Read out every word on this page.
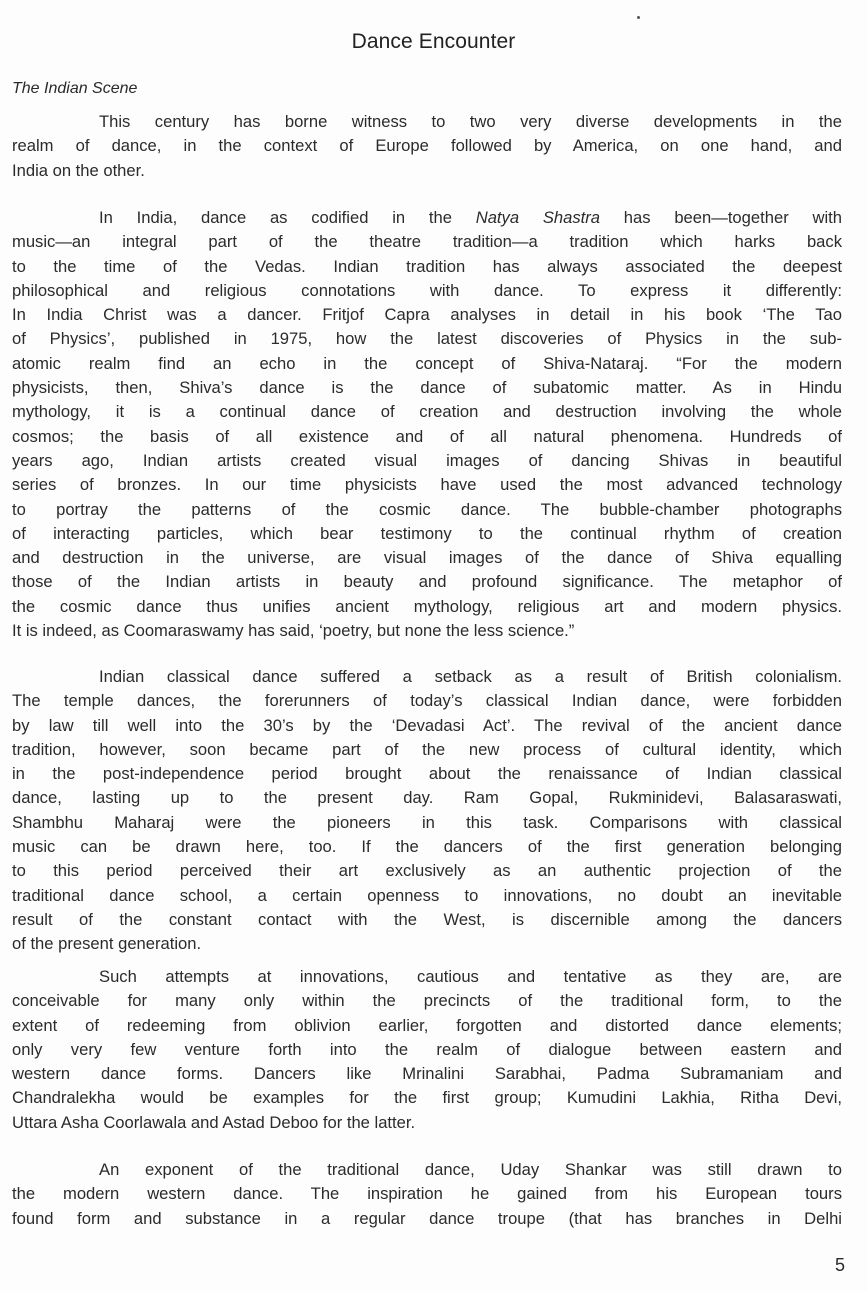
Dance Encounter
The Indian Scene
This century has borne witness to two very diverse developments in the
realm of dance, in the context of Europe followed by America, on one hand, and
India on the other.
In India, dance as codified in the Natya Shastra has been—together with
music—an integral part of the theatre tradition—a tradition which harks back
to the time of the Vedas. Indian tradition has always associated the deepest
philosophical and religious connotations with dance. To express it differently:
In India Christ was a dancer. Fritjof Capra analyses in detail in his book ‘The Tao
of Physics’, published in 1975, how the latest discoveries of Physics in the sub-
atomic realm find an echo in the concept of Shiva-Nataraj. “For the modern
physicists, then, Shiva’s dance is the dance of subatomic matter. As in Hindu
mythology, it is a continual dance of creation and destruction involving the whole
cosmos; the basis of all existence and of all natural phenomena. Hundreds of
years ago, Indian artists created visual images of dancing Shivas in beautiful
series of bronzes. In our time physicists have used the most advanced technology
to portray the patterns of the cosmic dance. The bubble-chamber photographs
of interacting particles, which bear testimony to the continual rhythm of creation
and destruction in the universe, are visual images of the dance of Shiva equalling
those of the Indian artists in beauty and profound significance. The metaphor of
the cosmic dance thus unifies ancient mythology, religious art and modern physics.
It is indeed, as Coomaraswamy has said, ‘poetry, but none the less science.”
Indian classical dance suffered a setback as a result of British colonialism.
The temple dances, the forerunners of today’s classical Indian dance, were forbidden
by law till well into the 30’s by the ‘Devadasi Act’. The revival of the ancient dance
tradition, however, soon became part of the new process of cultural identity, which
in the post-independence period brought about the renaissance of Indian classical
dance, lasting up to the present day. Ram Gopal, Rukminidevi, Balasaraswati,
Shambhu Maharaj were the pioneers in this task. Comparisons with classical
music can be drawn here, too. If the dancers of the first generation belonging
to this period perceived their art exclusively as an authentic projection of the
traditional dance school, a certain openness to innovations, no doubt an inevitable
result of the constant contact with the West, is discernible among the dancers
of the present generation.
Such attempts at innovations, cautious and tentative as they are, are
conceivable for many only within the precincts of the traditional form, to the
extent of redeeming from oblivion earlier, forgotten and distorted dance elements;
only very few venture forth into the realm of dialogue between eastern and
western dance forms. Dancers like Mrinalini Sarabhai, Padma Subramaniam and
Chandralekha would be examples for the first group; Kumudini Lakhia, Ritha Devi,
Uttara Asha Coorlawala and Astad Deboo for the latter.
An exponent of the traditional dance, Uday Shankar was still drawn to
the modern western dance. The inspiration he gained from his European tours
found form and substance in a regular dance troupe (that has branches in Delhi
5
